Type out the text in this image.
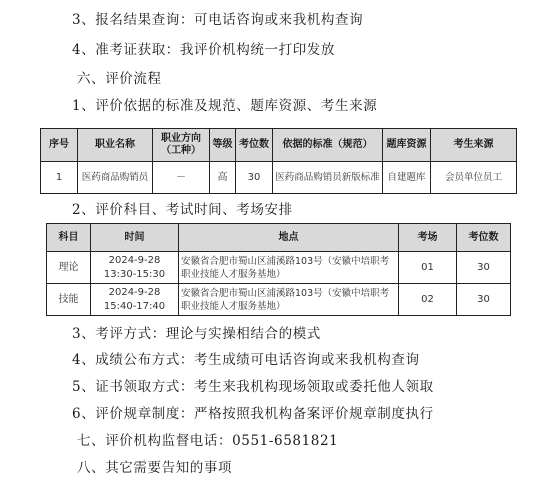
3、报名结果查询：可电话咨询或来我机构查询
4、准考证获取：我评价机构统一打印发放
六、评价流程
1、评价依据的标准及规范、题库资源、考生来源
序号	职业名称	职业方向（工种）	等级	考位数	依据的标准（规范）	题库资源	考生来源
1	医药商品购销员	－	高	30	医药商品购销员新版标准	自建题库	会员单位员工
2、评价科目、考试时间、考场安排
科目	时间	地点	考场	考位数
理论	2024-9-28 13:30-15:30	安徽省合肥市蜀山区浦溪路103号（安徽中培职考职业技能人才服务基地）	01	30
技能	2024-9-28 15:40-17:40	安徽省合肥市蜀山区浦溪路103号（安徽中培职考职业技能人才服务基地）	02	30
3、考评方式：理论与实操相结合的模式
4、成绩公布方式：考生成绩可电话咨询或来我机构查询
5、证书领取方式：考生来我机构现场领取或委托他人领取
6、评价规章制度：严格按照我机构备案评价规章制度执行
七、评价机构监督电话：0551-6581821
八、其它需要告知的事项
